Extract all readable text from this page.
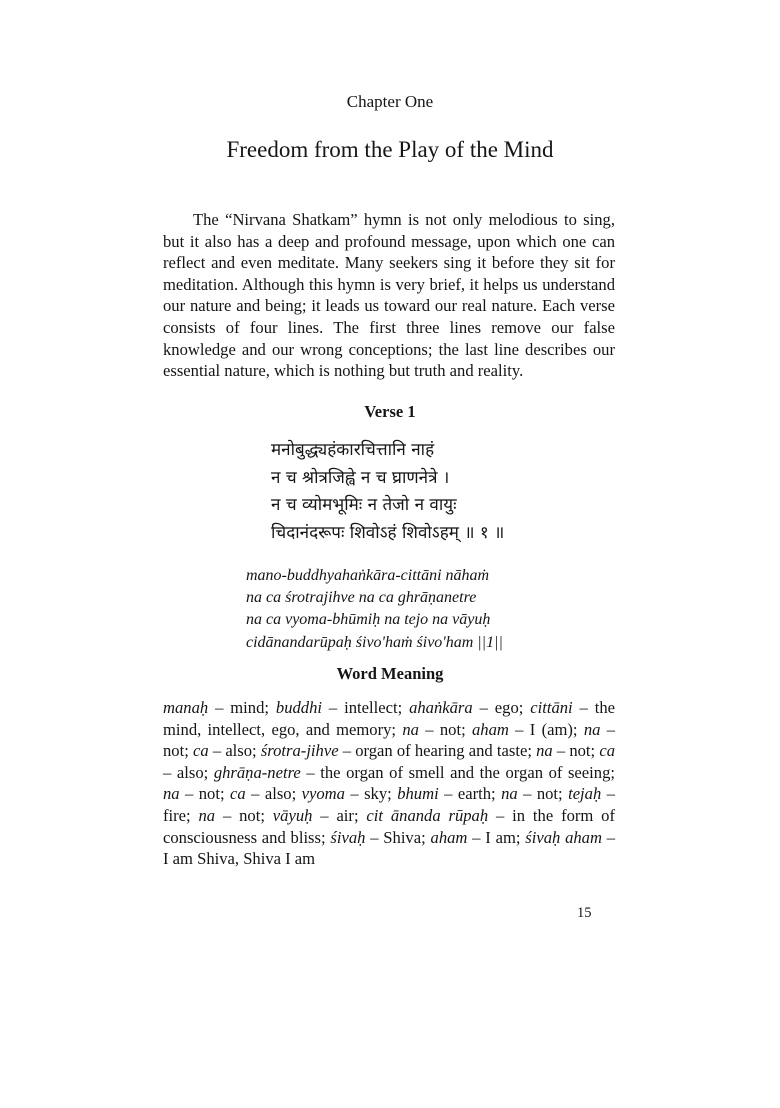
Chapter One
Freedom from the Play of the Mind

The “Nirvana Shatkam” hymn is not only melodious to sing, but it also has a deep and profound message, upon which one can reflect and even meditate. Many seekers sing it before they sit for meditation. Although this hymn is very brief, it helps us understand our nature and being; it leads us toward our real nature. Each verse consists of four lines. The first three lines remove our false knowledge and our wrong conceptions; the last line describes our essential nature, which is nothing but truth and reality.

Verse 1
मनोबुद्ध्यहंकारचित्तानि नाहं
न च श्रोत्रजिह्वे न च घ्राणनेत्रे ।
न च व्योमभूमिः न तेजो न वायुः
चिदानंदरूपः शिवोऽहं शिवोऽहम् ॥ १ ॥
mano-buddhyahaṅkāra-cittāni nāhaṁ
na ca śrotrajihve na ca ghrāṇanetre
na ca vyoma-bhūmiḥ na tejo na vāyuḥ
cidānandarūpaḥ śivo'haṁ śivo'ham ||1||
Word Meaning

manaḥ – mind; buddhi – intellect; ahaṅkāra – ego; cittāni – the mind, intellect, ego, and memory; na – not; aham – I (am); na – not; ca – also; śrotra-jihve – organ of hearing and taste; na – not; ca – also; ghrāṇa-netre – the organ of smell and the organ of seeing; na – not; ca – also; vyoma – sky; bhumi – earth; na – not; tejaḥ – fire; na – not; vāyuḥ – air; cit ānanda rūpaḥ – in the form of consciousness and bliss; śivaḥ – Shiva; aham – I am; śivaḥ aham – I am Shiva, Shiva I am

15
